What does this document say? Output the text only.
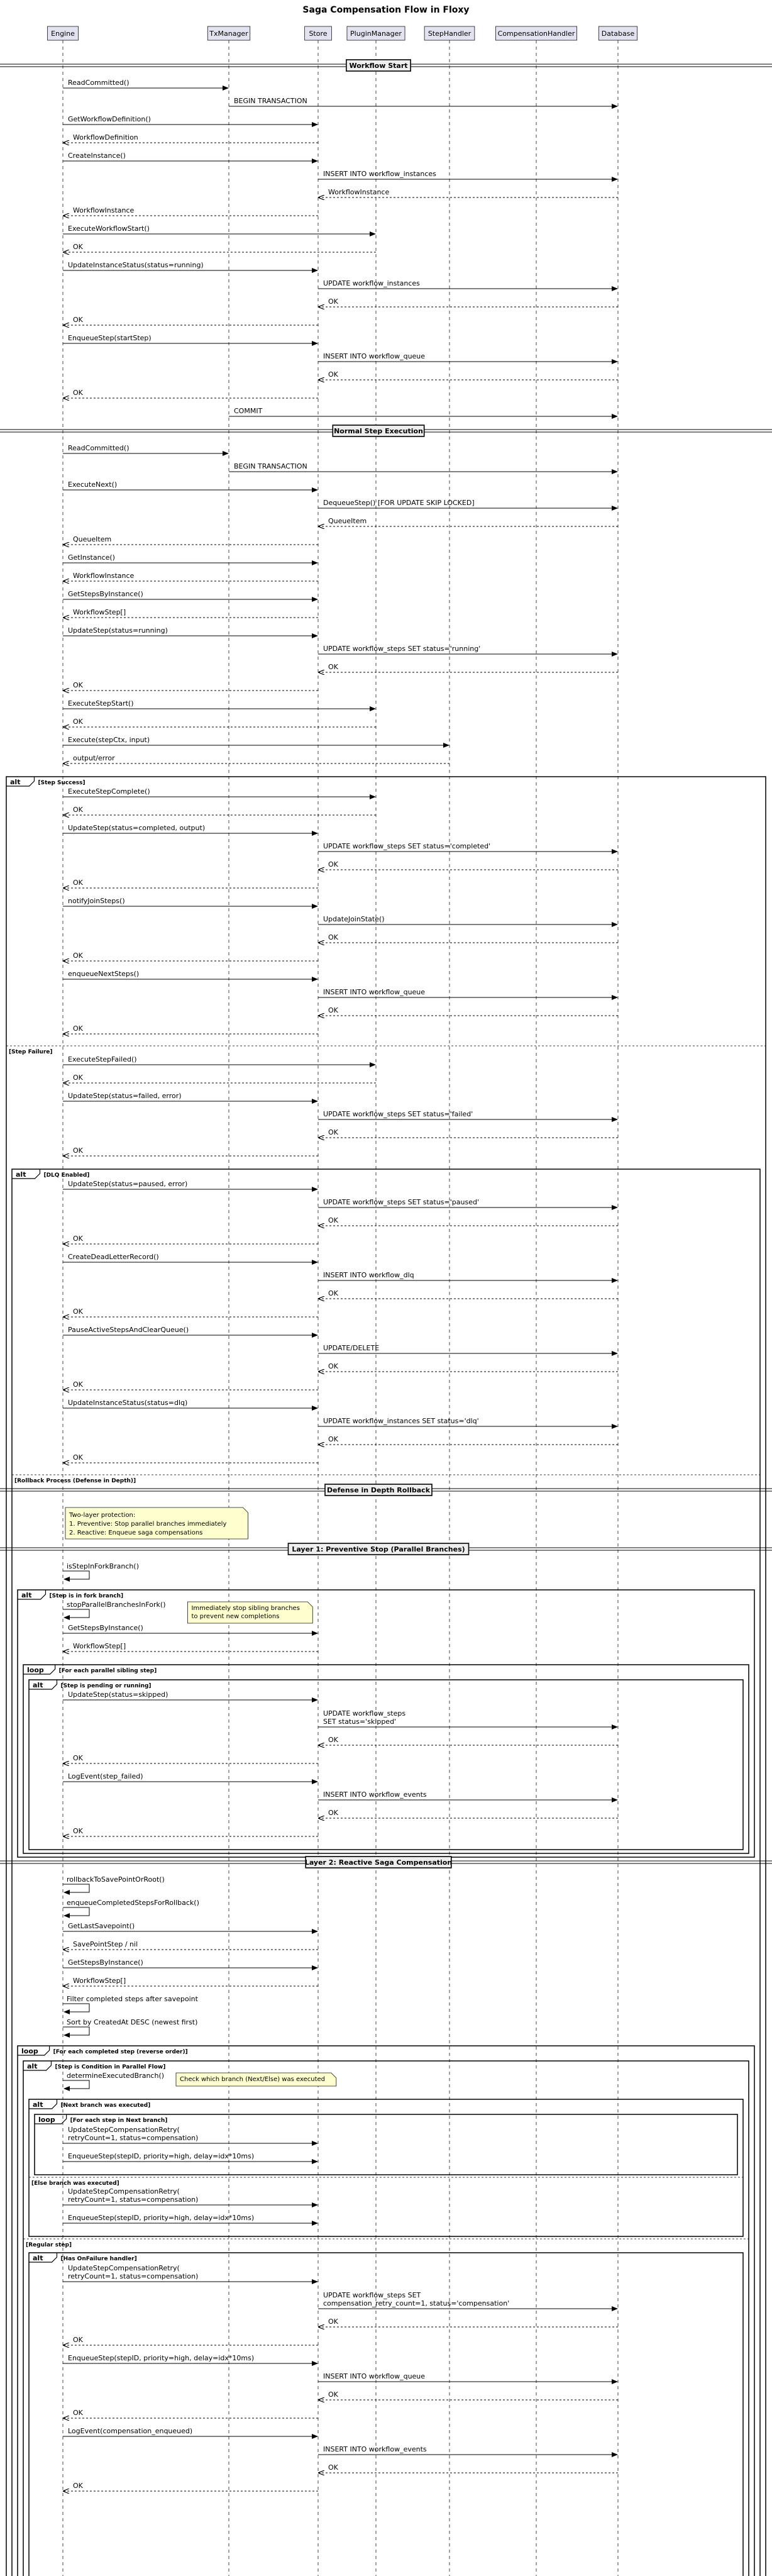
Saga Compensation Flow in Floxy
alt	[Step is pending or running]
loop	[For each parallel sibling step]
alt	[Step is in fork branch]
loop	[For each step in Next branch]
alt	[Next branch was executed]
[Else branch was executed]
alt	[Has OnFailure handler]
alt	[Step is Condition in Parallel Flow]
[Regular step]
loop	[For each completed step (reverse order)]
alt	[DLQ Enabled]
[Rollback Process (Defense in Depth)]
alt	[Step Success]
[Step Failure]
Workflow Start
ReadCommitted()
BEGIN TRANSACTION
GetWorkflowDefinition()
WorkflowDefinition
CreateInstance()
INSERT INTO workflow_instances
WorkflowInstance
WorkflowInstance
ExecuteWorkflowStart()
OK
UpdateInstanceStatus(status=running)
UPDATE workflow_instances
OK
OK
EnqueueStep(startStep)
INSERT INTO workflow_queue
OK
OK
COMMIT
Normal Step Execution
ReadCommitted()
BEGIN TRANSACTION
ExecuteNext()
DequeueStep() [FOR UPDATE SKIP LOCKED]
QueueItem
QueueItem
GetInstance()
WorkflowInstance
GetStepsByInstance()
WorkflowStep[]
UpdateStep(status=running)
UPDATE workflow_steps SET status='running'
OK
OK
ExecuteStepStart()
OK
Execute(stepCtx, input)
output/error
ExecuteStepComplete()
OK
UpdateStep(status=completed, output)
UPDATE workflow_steps SET status='completed'
OK
OK
notifyJoinSteps()
UpdateJoinState()
OK
OK
enqueueNextSteps()
INSERT INTO workflow_queue
OK
OK
ExecuteStepFailed()
OK
UpdateStep(status=failed, error)
UPDATE workflow_steps SET status='failed'
OK
OK
UpdateStep(status=paused, error)
UPDATE workflow_steps SET status='paused'
OK
OK
CreateDeadLetterRecord()
INSERT INTO workflow_dlq
OK
OK
PauseActiveStepsAndClearQueue()
UPDATE/DELETE
OK
OK
UpdateInstanceStatus(status=dlq)
UPDATE workflow_instances SET status='dlq'
OK
OK
Defense in Depth Rollback
Two-layer protection:
1. Preventive: Stop parallel branches immediately
2. Reactive: Enqueue saga compensations
Layer 1: Preventive Stop (Parallel Branches)
isStepInForkBranch()
stopParallelBranchesInFork()	Immediately stop sibling branches
to prevent new completions
GetStepsByInstance()
WorkflowStep[]
UpdateStep(status=skipped)
UPDATE workflow_steps SET status='skipped'
OK
OK
LogEvent(step_failed)
INSERT INTO workflow_events
OK
OK
Layer 2: Reactive Saga Compensation
rollbackToSavePointOrRoot()
enqueueCompletedStepsForRollback()
GetLastSavepoint()
SavePointStep / nil
GetStepsByInstance()
WorkflowStep[]
Filter completed steps after savepoint
Sort by CreatedAt DESC (newest first)
determineExecutedBranch() Check which branch (Next/Else) was executed
UpdateStepCompensationRetry( retryCount=1, status=compensation)
EnqueueStep(stepID, priority=high, delay=idx*10ms)
UpdateStepCompensationRetry( retryCount=1, status=compensation)
EnqueueStep(stepID, priority=high, delay=idx*10ms)
UpdateStepCompensationRetry( retryCount=1, status=compensation)
UPDATE workflow_steps SET compensation_retry_count=1, status='compensation'
OK
OK
EnqueueStep(stepID, priority=high, delay=idx*10ms)
INSERT INTO workflow_queue
OK
OK
LogEvent(compensation_enqueued)
INSERT INTO workflow_events
OK
OK
Engine	TxManager	Store	PluginManager	StepHandler	CompensationHandler	Database
